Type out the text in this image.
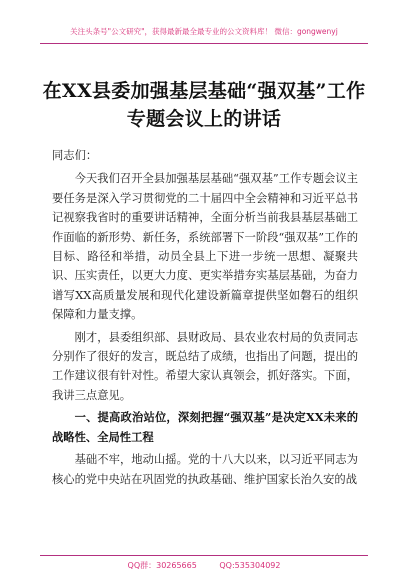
关注头条号"公文研究"，获得最新最全最专业的公文资料库！ 微信：gongwenyj
在XX县委加强基层基础“强双基”工作
专题会议上的讲话

同志们：

今天我们召开全县加强基层基础“强双基”工作专题会议主要任务是深入学习贯彻党的二十届四中全会精神和习近平总书记视察我省时的重要讲话精神，全面分析当前我县基层基础工作面临的新形势、新任务，系统部署下一阶段“强双基”工作的目标、路径和举措，动员全县上下进一步统一思想、凝聚共识、压实责任，以更大力度、更实举措夯实基层基础，为奋力谱写XX高质量发展和现代化建设新篇章提供坚如磐石的组织保障和力量支撑。

刚才，县委组织部、县财政局、县农业农村局的负责同志分别作了很好的发言，既总结了成绩，也指出了问题，提出的工作建议很有针对性。希望大家认真领会，抓好落实。下面，我讲三点意见。

一、提高政治站位，深刻把握“强双基”是决定XX未来的战略性、全局性工程

基础不牢，地动山摇。党的十八大以来，以习近平同志为核心的党中央站在巩固党的执政基础、维护国家长治久安的战

QQ群：30265665	QQ:535304092
